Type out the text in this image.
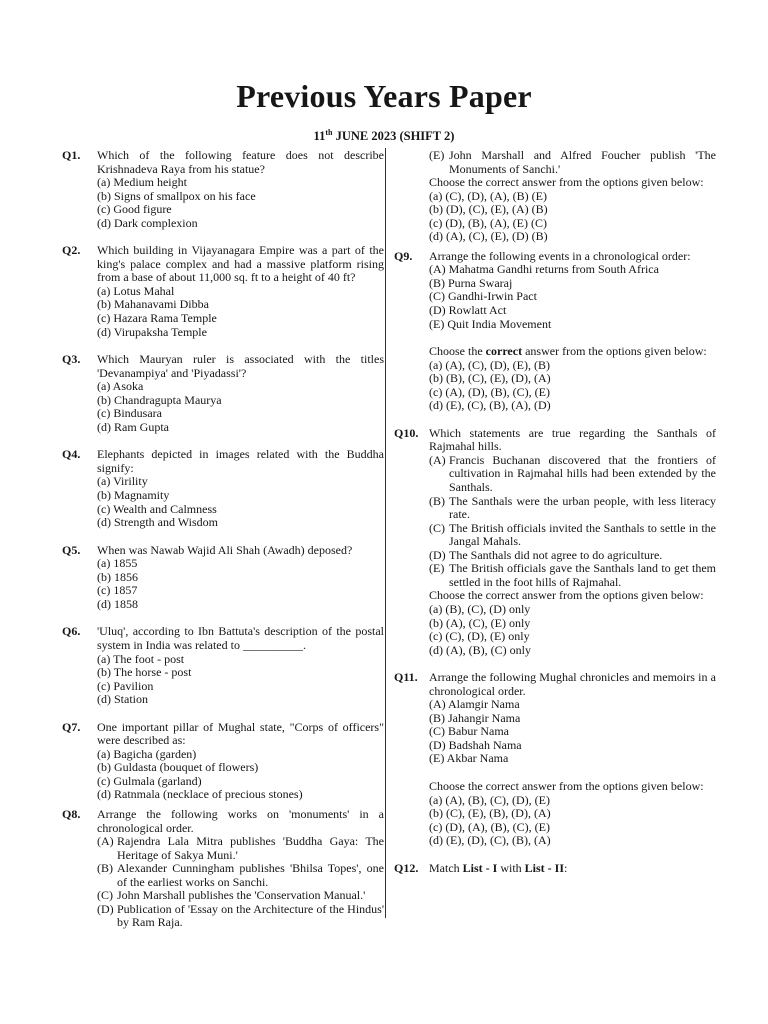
Previous Years Paper
11th JUNE 2023 (SHIFT 2)
Q1. Which of the following feature does not describe Krishnadeva Raya from his statue?
(a) Medium height
(b) Signs of smallpox on his face
(c) Good figure
(d) Dark complexion
Q2. Which building in Vijayanagara Empire was a part of the king's palace complex and had a massive platform rising from a base of about 11,000 sq. ft to a height of 40 ft?
(a) Lotus Mahal
(b) Mahanavami Dibba
(c) Hazara Rama Temple
(d) Virupaksha Temple
Q3. Which Mauryan ruler is associated with the titles 'Devanampiya' and 'Piyadassi'?
(a) Asoka
(b) Chandragupta Maurya
(c) Bindusara
(d) Ram Gupta
Q4. Elephants depicted in images related with the Buddha signify:
(a) Virility
(b) Magnamity
(c) Wealth and Calmness
(d) Strength and Wisdom
Q5. When was Nawab Wajid Ali Shah (Awadh) deposed?
(a) 1855
(b) 1856
(c) 1857
(d) 1858
Q6. 'Uluq', according to Ibn Battuta's description of the postal system in India was related to __________.
(a) The foot - post
(b) The horse - post
(c) Pavilion
(d) Station
Q7. One important pillar of Mughal state, "Corps of officers" were described as:
(a) Bagicha (garden)
(b) Guldasta (bouquet of flowers)
(c) Gulmala (garland)
(d) Ratnmala (necklace of precious stones)
Q8. Arrange the following works on 'monuments' in a chronological order.
(A) Rajendra Lala Mitra publishes 'Buddha Gaya: The Heritage of Sakya Muni.'
(B) Alexander Cunningham publishes 'Bhilsa Topes', one of the earliest works on Sanchi.
(C) John Marshall publishes the 'Conservation Manual.'
(D) Publication of 'Essay on the Architecture of the Hindus' by Ram Raja.
(E) John Marshall and Alfred Foucher publish 'The Monuments of Sanchi.'
Choose the correct answer from the options given below:
(a) (C), (D), (A), (B) (E)
(b) (D), (C), (E), (A) (B)
(c) (D), (B), (A), (E) (C)
(d) (A), (C), (E), (D) (B)
Q9. Arrange the following events in a chronological order:
(A) Mahatma Gandhi returns from South Africa
(B) Purna Swaraj
(C) Gandhi-Irwin Pact
(D) Rowlatt Act
(E) Quit India Movement
Choose the correct answer from the options given below:
(a) (A), (C), (D), (E), (B)
(b) (B), (C), (E), (D), (A)
(c) (A), (D), (B), (C), (E)
(d) (E), (C), (B), (A), (D)
Q10. Which statements are true regarding the Santhals of Rajmahal hills.
(A) Francis Buchanan discovered that the frontiers of cultivation in Rajmahal hills had been extended by the Santhals.
(B) The Santhals were the urban people, with less literacy rate.
(C) The British officials invited the Santhals to settle in the Jangal Mahals.
(D) The Santhals did not agree to do agriculture.
(E) The British officials gave the Santhals land to get them settled in the foot hills of Rajmahal.
Choose the correct answer from the options given below:
(a) (B), (C), (D) only
(b) (A), (C), (E) only
(c) (C), (D), (E) only
(d) (A), (B), (C) only
Q11. Arrange the following Mughal chronicles and memoirs in a chronological order.
(A) Alamgir Nama
(B) Jahangir Nama
(C) Babur Nama
(D) Badshah Nama
(E) Akbar Nama
Choose the correct answer from the options given below:
(a) (A), (B), (C), (D), (E)
(b) (C), (E), (B), (D), (A)
(c) (D), (A), (B), (C), (E)
(d) (E), (D), (C), (B), (A)
Q12. Match List - I with List - II:
